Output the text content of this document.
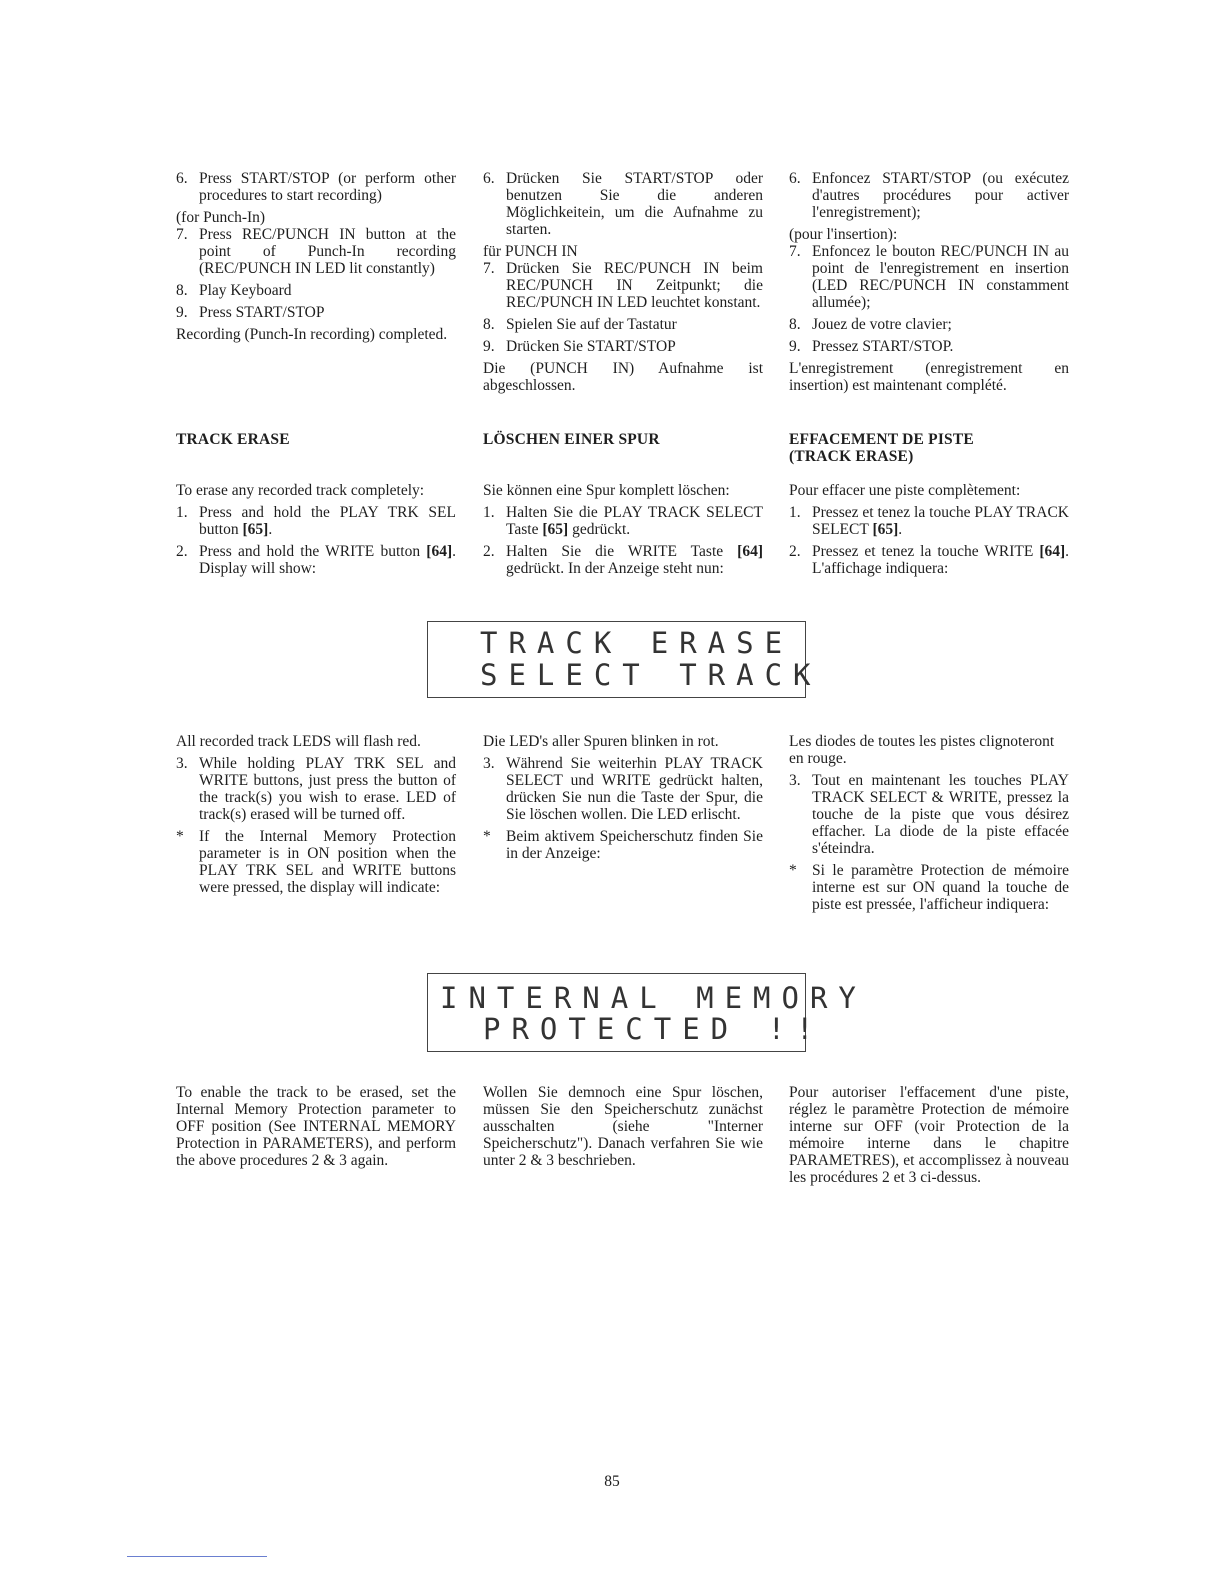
6. Press START/STOP (or perform other procedures to start recording)

(for Punch-In)

7. Press REC/PUNCH IN button at the point of Punch-In recording (REC/PUNCH IN LED lit constantly)
8. Play Keyboard
9. Press START/STOP

Recording (Punch-In recording) completed.

6. Drücken Sie START/STOP oder benutzen Sie die anderen Möglichkeitein, um die Aufnahme zu starten.

für PUNCH IN

7. Drücken Sie REC/PUNCH IN beim REC/PUNCH IN Zeitpunkt; die REC/PUNCH IN LED leuchtet konstant.
8. Spielen Sie auf der Tastatur
9. Drücken Sie START/STOP

Die (PUNCH IN) Aufnahme ist abgeschlossen.

6. Enfoncez START/STOP (ou exécutez d'autres procédures pour activer l'enregistrement);

(pour l'insertion):

7. Enfoncez le bouton REC/PUNCH IN au point de l'enregistrement en insertion (LED REC/PUNCH IN constamment allumée);
8. Jouez de votre clavier;
9. Pressez START/STOP.

L'enregistrement (enregistrement en insertion) est maintenant complété.

TRACK ERASE	LÖSCHEN EINER SPUR	EFFACEMENT DE PISTE
(TRACK ERASE)

To erase any recorded track completely:

1. Press and hold the PLAY TRK SEL button [65].
2. Press and hold the WRITE button [64]. Display will show:

Sie können eine Spur komplett löschen:

1. Halten Sie die PLAY TRACK SELECT Taste [65] gedrückt.
2. Halten Sie die WRITE Taste [64] gedrückt. In der Anzeige steht nun:

Pour effacer une piste complètement:

1. Pressez et tenez la touche PLAY TRACK SELECT [65].
2. Pressez et tenez la touche WRITE [64]. L'affichage indiquera:

TRACK ERASE

SELECT TRACK

All recorded track LEDS will flash red.

3. While holding PLAY TRK SEL and WRITE buttons, just press the button of the track(s) you wish to erase. LED of track(s) erased will be turned off.
* If the Internal Memory Protection parameter is in ON position when the PLAY TRK SEL and WRITE buttons were pressed, the display will indicate:

Die LED's aller Spuren blinken in rot.

3. Während Sie weiterhin PLAY TRACK SELECT und WRITE gedrückt halten, drücken Sie nun die Taste der Spur, die Sie löschen wollen. Die LED erlischt.
* Beim aktivem Speicherschutz finden Sie in der Anzeige:

Les diodes de toutes les pistes clignoteront en rouge.

3. Tout en maintenant les touches PLAY TRACK SELECT & WRITE, pressez la touche de la piste que vous désirez effacher. La diode de la piste effacée s'éteindra.
* Si le paramètre Protection de mémoire interne est sur ON quand la touche de piste est pressée, l'afficheur indiquera:

INTERNAL MEMORY

PROTECTED !!

To enable the track to be erased, set the Internal Memory Protection parameter to OFF position (See INTERNAL MEMORY Protection in PARAMETERS), and perform the above procedures 2 & 3 again.

Wollen Sie demnoch eine Spur löschen, müssen Sie den Speicherschutz zunächst ausschalten (siehe "Interner Speicherschutz"). Danach verfahren Sie wie unter 2 & 3 beschrieben.

Pour autoriser l'effacement d'une piste, réglez le paramètre Protection de mémoire interne sur OFF (voir Protection de la mémoire interne dans le chapitre PARAMETRES), et accomplissez à nouveau les procédures 2 et 3 ci-dessus.

85
